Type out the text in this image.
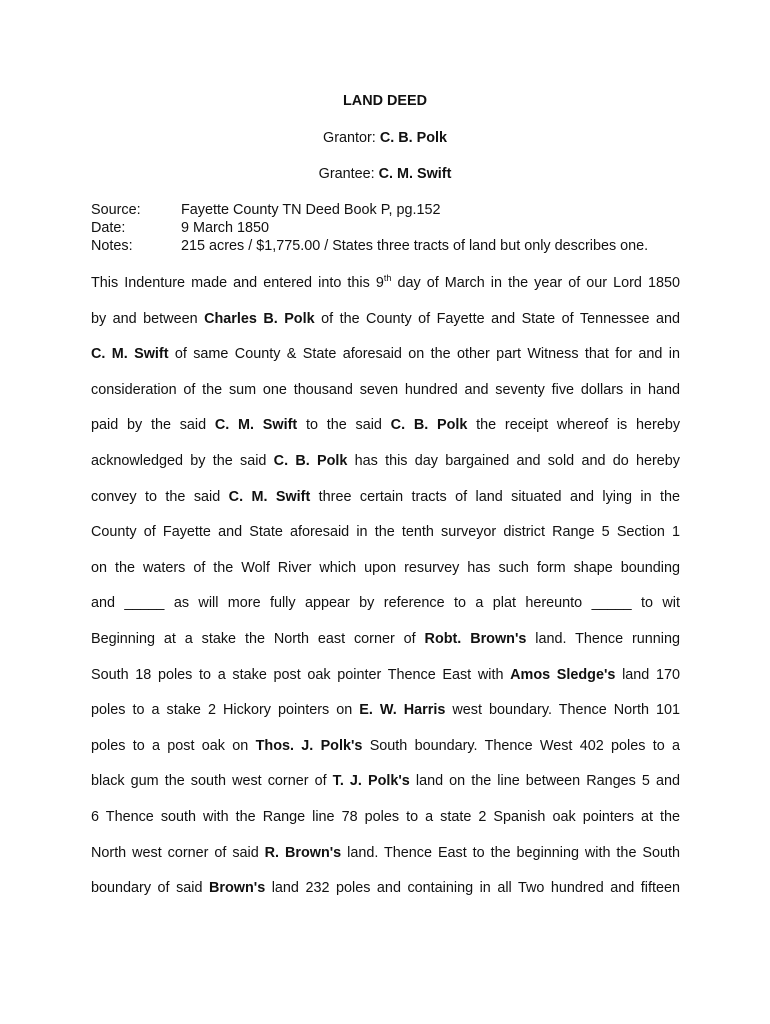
LAND DEED
Grantor: C. B. Polk
Grantee: C. M. Swift
Source:	Fayette County TN Deed Book P, pg.152
Date:	9 March 1850
Notes:	215 acres / $1,775.00 / States three tracts of land but only describes one.
This Indenture made and entered into this 9th day of March in the year of our Lord 1850
by and between Charles B. Polk of the County of Fayette and State of Tennessee and
C. M. Swift of same County & State aforesaid on the other part Witness that for and in
consideration of the sum one thousand seven hundred and seventy five dollars in hand
paid by the said C. M. Swift to the said C. B. Polk the receipt whereof is hereby
acknowledged by the said C. B. Polk has this day bargained and sold and do hereby
convey to the said C. M. Swift three certain tracts of land situated and lying in the
County of Fayette and State aforesaid in the tenth surveyor district Range 5 Section 1
on the waters of the Wolf River which upon resurvey has such form shape bounding
and _____ as will more fully appear by reference to a plat hereunto _____ to wit
Beginning at a stake the North east corner of Robt. Brown's land. Thence running
South 18 poles to a stake post oak pointer Thence East with Amos Sledge's land 170
poles to a stake 2 Hickory pointers on E. W. Harris west boundary. Thence North 101
poles to a post oak on Thos. J. Polk's South boundary. Thence West 402 poles to a
black gum the south west corner of T. J. Polk's land on the line between Ranges 5 and
6 Thence south with the Range line 78 poles to a state 2 Spanish oak pointers at the
North west corner of said R. Brown's land. Thence East to the beginning with the South
boundary of said Brown's land 232 poles and containing in all Two hundred and fifteen
